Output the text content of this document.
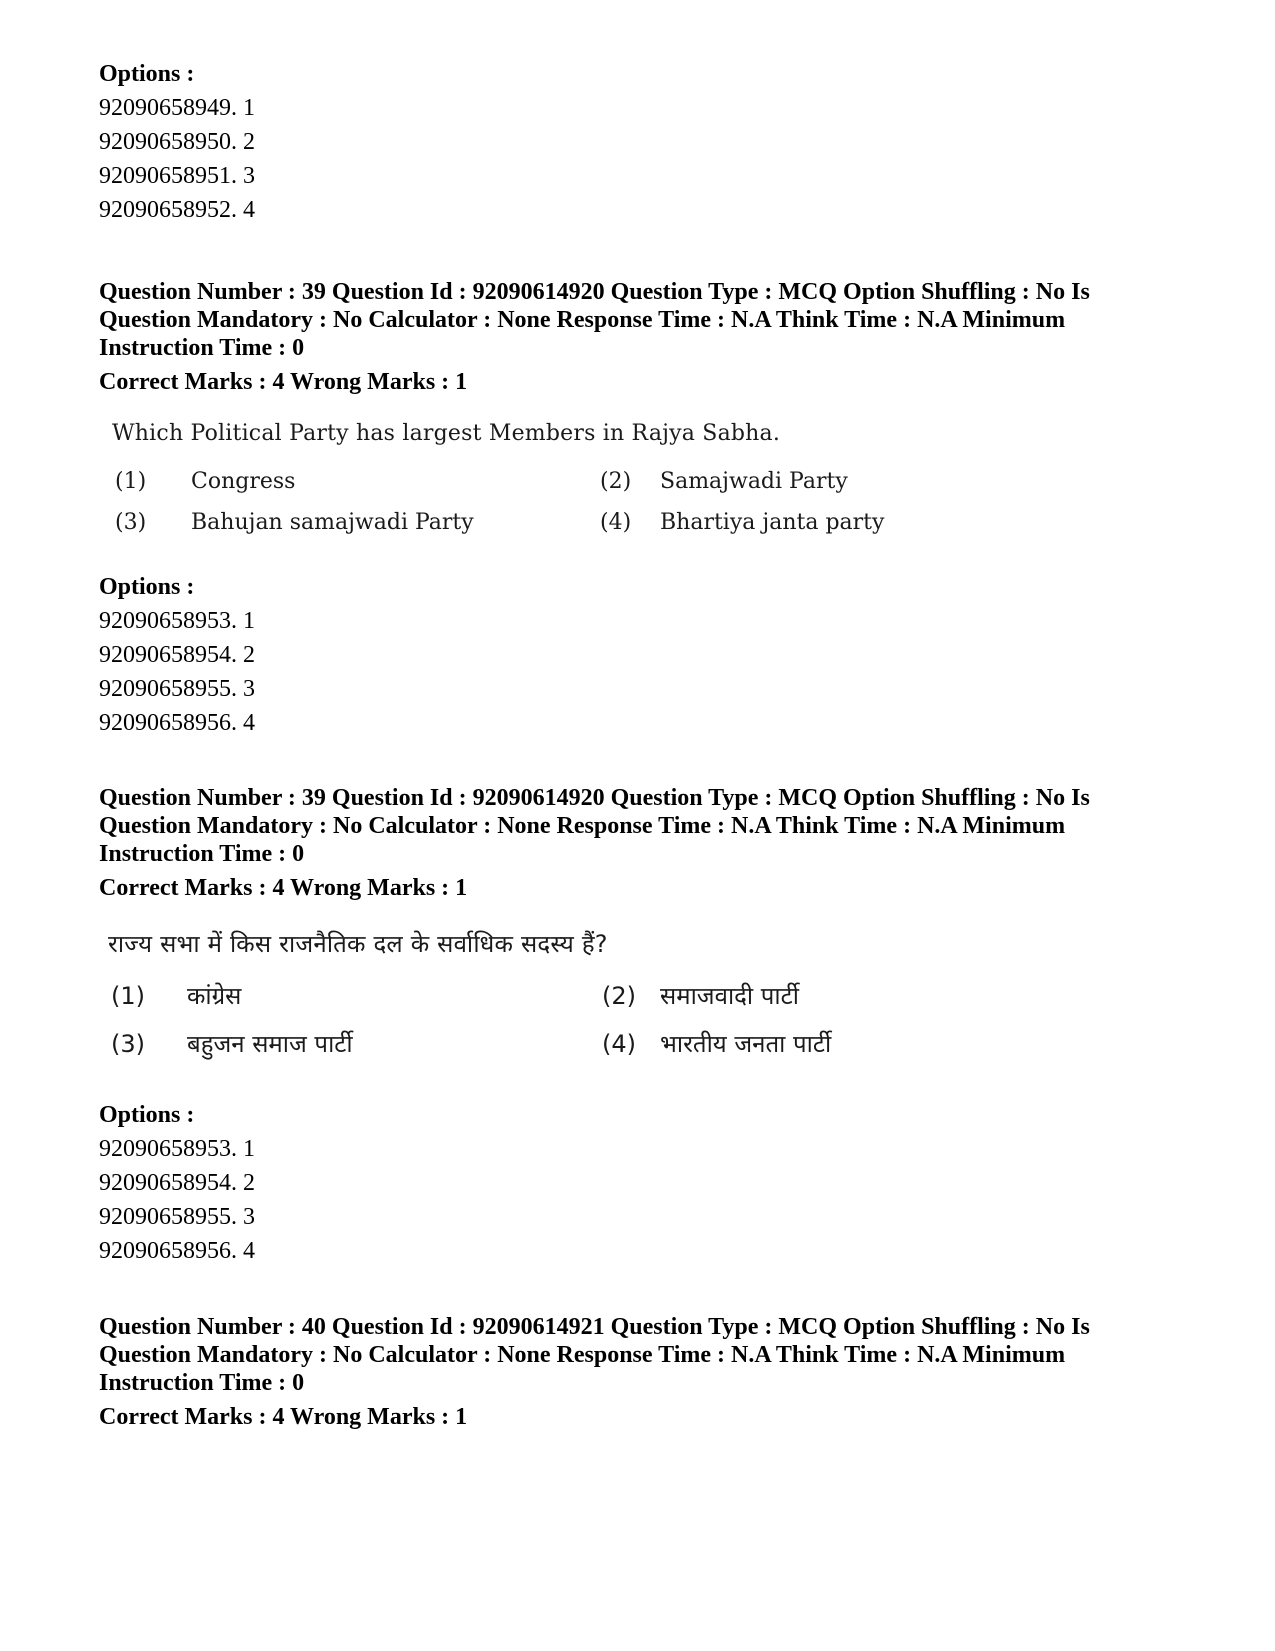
Options :
92090658949. 1
92090658950. 2
92090658951. 3
92090658952. 4
Question Number : 39 Question Id : 92090614920 Question Type : MCQ Option Shuffling : No Is Question Mandatory : No Calculator : None Response Time : N.A Think Time : N.A Minimum Instruction Time : 0
Correct Marks : 4 Wrong Marks : 1
Which Political Party has largest Members in Rajya Sabha.
(1) Congress	(2) Samajwadi Party
(3) Bahujan samajwadi Party	(4) Bhartiya janta party
Options :
92090658953. 1
92090658954. 2
92090658955. 3
92090658956. 4
Question Number : 39 Question Id : 92090614920 Question Type : MCQ Option Shuffling : No Is Question Mandatory : No Calculator : None Response Time : N.A Think Time : N.A Minimum Instruction Time : 0
Correct Marks : 4 Wrong Marks : 1
राज्य सभा में किस राजनैतिक दल के सर्वाधिक सदस्य हैं?
(1) कांग्रेस	(2) समाजवादी पार्टी
(3) बहुजन समाज पार्टी	(4) भारतीय जनता पार्टी
Options :
92090658953. 1
92090658954. 2
92090658955. 3
92090658956. 4
Question Number : 40 Question Id : 92090614921 Question Type : MCQ Option Shuffling : No Is Question Mandatory : No Calculator : None Response Time : N.A Think Time : N.A Minimum Instruction Time : 0
Correct Marks : 4 Wrong Marks : 1
